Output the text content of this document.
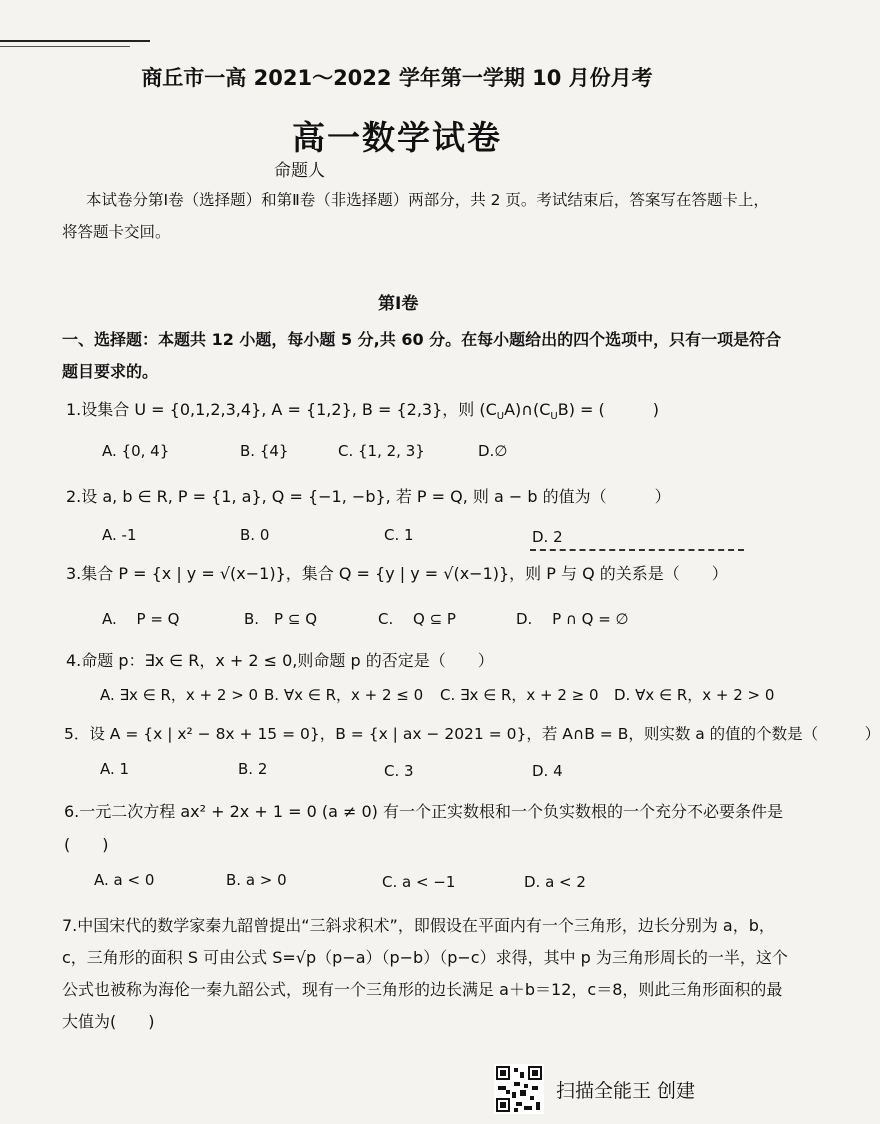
商丘市一高 2021～2022 学年第一学期 10 月份月考
高一数学试卷
命题人
本试卷分第Ⅰ卷（选择题）和第Ⅱ卷（非选择题）两部分，共 2 页。考试结束后，答案写在答题卡上，将答题卡交回。
第Ⅰ卷
一、选择题：本题共 12 小题，每小题 5 分,共 60 分。在每小题给出的四个选项中，只有一项是符合题目要求的。
1.设集合 U = {0,1,2,3,4}, A = {1,2}, B = {2,3}，则 $(C_UA)\cap(C_UB)$ = (　　　)
A. {0, 4}	B. {4}	C. {1, 2, 3}	D.∅
2.设 a, b ∈ R, P = {1, a}, Q = {−1, −b}, 若 P = Q, 则 a − b 的值为（　　　）
A. -1	B. 0	C. 1	D. 2
3.集合 P = {x | y = √(x−1)}，集合 Q = {y | y = √(x−1)}，则 P 与 Q 的关系是（　　）
A.　 P = Q	B.　P ⊆ Q	C.　 Q ⊆ P	D.　 P ∩ Q = ∅
4.命题 p：∃x ∈ R，x + 2 ≤ 0,则命题 p 的否定是（　　）
A. ∃x ∈ R，x + 2 > 0 B. ∀x ∈ R，x + 2 ≤ 0 C. ∃x ∈ R，x + 2 ≥ 0 D. ∀x ∈ R，x + 2 > 0
5．设 A = {x | x² − 8x + 15 = 0}，B = {x | ax − 2021 = 0}，若 A∩B = B，则实数 a 的值的个数是（　　　）
A. 1	B. 2	C. 3	D. 4
6.一元二次方程 ax² + 2x + 1 = 0 (a ≠ 0) 有一个正实数根和一个负实数根的一个充分不必要条件是
(　　)
A. a < 0	B. a > 0	C. a < −1	D. a < 2
7.中国宋代的数学家秦九韶曾提出“三斜求积术”，即假设在平面内有一个三角形，边长分别为 a，b，c，三角形的面积 S 可由公式 S=√p（p−a）（p−b）（p−c）求得，其中 p 为三角形周长的一半，这个公式也被称为海伦一秦九韶公式，现有一个三角形的边长满足 a＋b＝12，c＝8，则此三角形面积的最大值为(　　)
扫描全能王 创建
